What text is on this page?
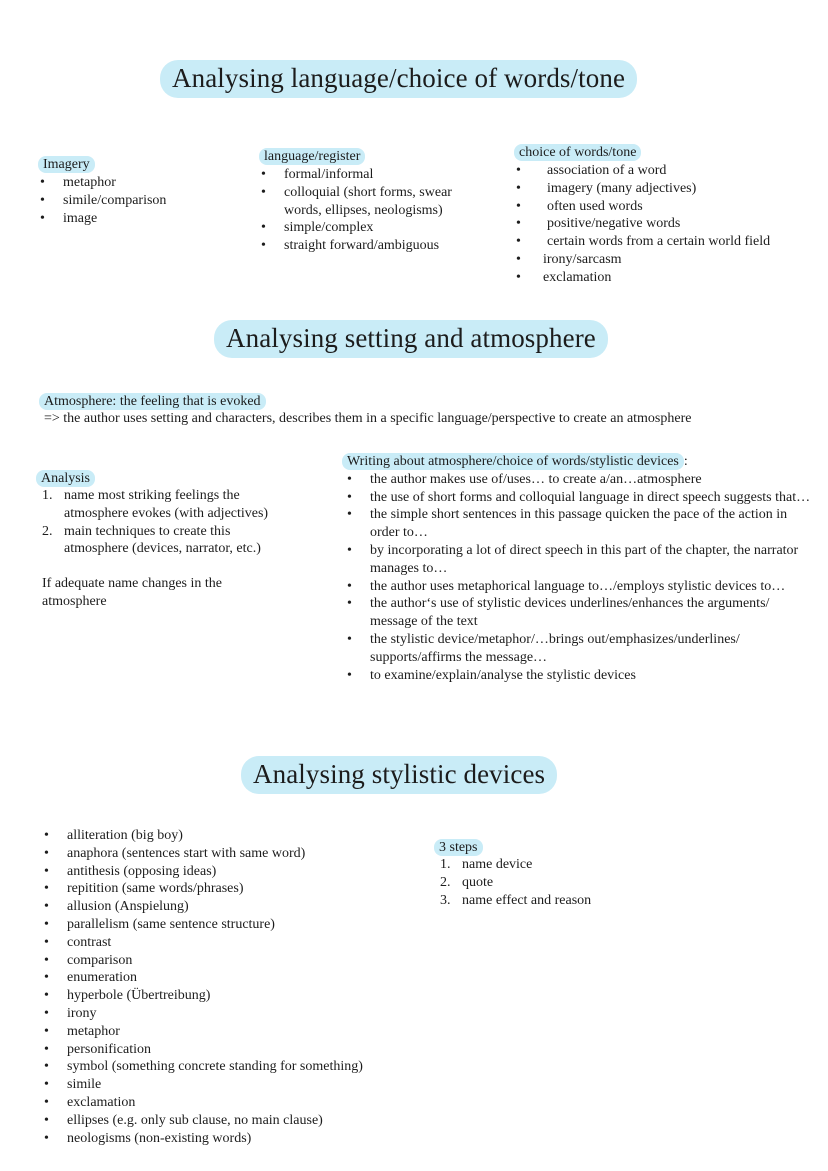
Analysing language/choice of words/tone
Imagery
• metaphor
• simile/comparison
• image
language/register
• formal/informal
• colloquial (short forms, swear words, ellipses, neologisms)
• simple/complex
• straight forward/ambiguous
choice of words/tone
• association of a word
• imagery (many adjectives)
• often used words
• positive/negative words
• certain words from a certain world field
• irony/sarcasm
• exclamation
Analysing setting and atmosphere
Atmosphere: the feeling that is evoked
=> the author uses setting and characters, describes them in a specific language/perspective to create an atmosphere
Analysis
1. name most striking feelings the atmosphere evokes (with adjectives)
2. main techniques to create this atmosphere (devices, narrator, etc.)
If adequate name changes in the atmosphere
Writing about atmosphere/choice of words/stylistic devices :
• the author makes use of/uses… to create a/an…atmosphere
• the use of short forms and colloquial language in direct speech suggests that…
• the simple short sentences in this passage quicken the pace of the action in order to…
• by incorporating a lot of direct speech in this part of the chapter, the narrator manages to…
• the author uses metaphorical language to…/employs stylistic devices to…
• the author‘s use of stylistic devices underlines/enhances the arguments/ message of the text
• the stylistic device/metaphor/…brings out/emphasizes/underlines/ supports/affirms the message…
• to examine/explain/analyse the stylistic devices
Analysing stylistic devices
• alliteration (big boy)
• anaphora (sentences start with same word)
• antithesis (opposing ideas)
• repitition (same words/phrases)
• allusion (Anspielung)
• parallelism (same sentence structure)
• contrast
• comparison
• enumeration
• hyperbole (Übertreibung)
• irony
• metaphor
• personification
• symbol (something concrete standing for something)
• simile
• exclamation
• ellipses (e.g. only sub clause, no main clause)
• neologisms (non-existing words)
3 steps
1. name device
2. quote
3. name effect and reason
